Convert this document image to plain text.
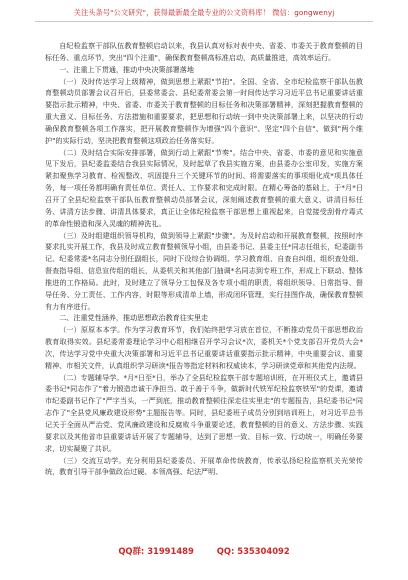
关注头条号"公文研究"，获得最新最全最专业的公文资料库！ 微信：gongwenyj

自纪检监察干部队伍教育整顿启动以来，我县认真对标对表中央、省委、市委关于教育整顿的目标任务、重点环节，突出"四个注重"，确保教育整顿高标准启动，高质量推进，高效率运行。

一、注重上下贯通，推动中央决策部署落地

（一）及时传达学习上级精神，做到思想上紧跟"节拍"。全国、全省、全市纪检监察干部队伍教育整顿动员部署会议召开后，县委常委会、县纪委常委会第一时间传达学习习近平总书记重要讲话重要指示批示精神，中央、省委、市委关于教育整顿的目标任务和决策部署精神，深刻把握教育整顿的重大意义、目标任务、方法措施和重要要求，把思想和行动统一到中央决策部署上来，以坚决的行动确保教育整顿各项工作落实，把开展教育整顿作为增强"四个意识"、坚定"四个自信"、做到"两个维护"的实际行动，坚决把教育整顿这项政治任务落实好。

（二）及时结合实际安排部署，做到行动上紧跟"节奏"。结合中央、省委、市委的意见和实施意见下发后，县纪委监委结合我县实际情况，及时起草了我县实施方案，由县委办公室印发，实施方案紧扣聚焦学习教育、检视整改、巩固提升三个关键环节的时间、将需要落实的事项细化成*项具体任务，每一项任务都明确有责任单位、责任人、工作要求和完成时限。在精心筹备的基础上，于*月*日召开了全县纪检监察干部队伍教育整顿动员部署会议，深刻阐述教育整顿的重大意义、讲清目标任务、讲清方法步骤、讲清具体要求，真正让全体纪检监察干部思想上重视起来，自觉接受刮骨疗毒式的革命性锻造和深入灵魂的精神洗礼。

（三）及时组建组织领导机构，做到领导上紧跟"步骤"。为及时启动和开展教育整顿，按照时序要求扎实开展工作，我县及时成立教育整顿领导小组，由县委书记、县委主任*同志任组长，纪委副书记、纪委常委*名同志分别任副组长，同时下设综合协调组、学习教育组、自查自纠组、组织查处组、督查指导组、信息宣传组的组长，从委机关和其他部门抽调*名同志到专班工作，形成上下联动、整体推进的工作格局。此时，及时建立了领导分工包保及各专项小组的职责，将组织领导、日常指导、督导任务、分工责任、工作内容，时限等形成清单上墙，形成闭环管理，实行挂图作战，确保教育整顿有力有序进行。

二、注重党性涵养，推动思想政治教育往实里走

（一）原原本本学。作为学习教育环节，我们始终把学习放在首位，不断推动党员干部思想政治教育取得实效。县纪委常委理论学习中心组相继召开学习会议*次，委机关*个党支部召开党员大会*次，传达学习党中央重大决策部署和习近平总书记重要讲话重要指示批示精神，中央重要会议、重要精神、市相关文件，认真组织学习研读*报告等指定材料和权威读本，学习研读党章和其他党内法规。

（二）专题辅导学。*月*日至*日，举办了全县纪检监察干部专题培训班，在开班仪式上，邀请县委书记*同志作了"着力锻造忠诚干净担当、敢于善于斗争，做新时代铁军纪检监察铁军"的党课，邀请市纪委副书记作了"严字当头，一严到底，推动教育整顿往深走往实里走"的专题报告，县纪委书记*同志作了"全县党风廉政建设形势"主题报告等。同时，县纪委班子成员分别到培训班上，对习近平总书记关于全面从严治党、党风廉政建设和反腐败斗争重要论述，教育整顿的目的意义、方法步骤、实践要求以及其他省市县重要讲话开展了专题辅导，达到了思想一致、目标一致、行动统一，明确任务要求，切实凝聚了共识。

（三）交流互动学。充分利用县纪委委员、开展革命传统教育，传承弘扬纪检监察机关光荣传统，教育引导干部争做政治过硬、本领高强、纪法严明、

QQ群: 31991489	QQ: 535304092
